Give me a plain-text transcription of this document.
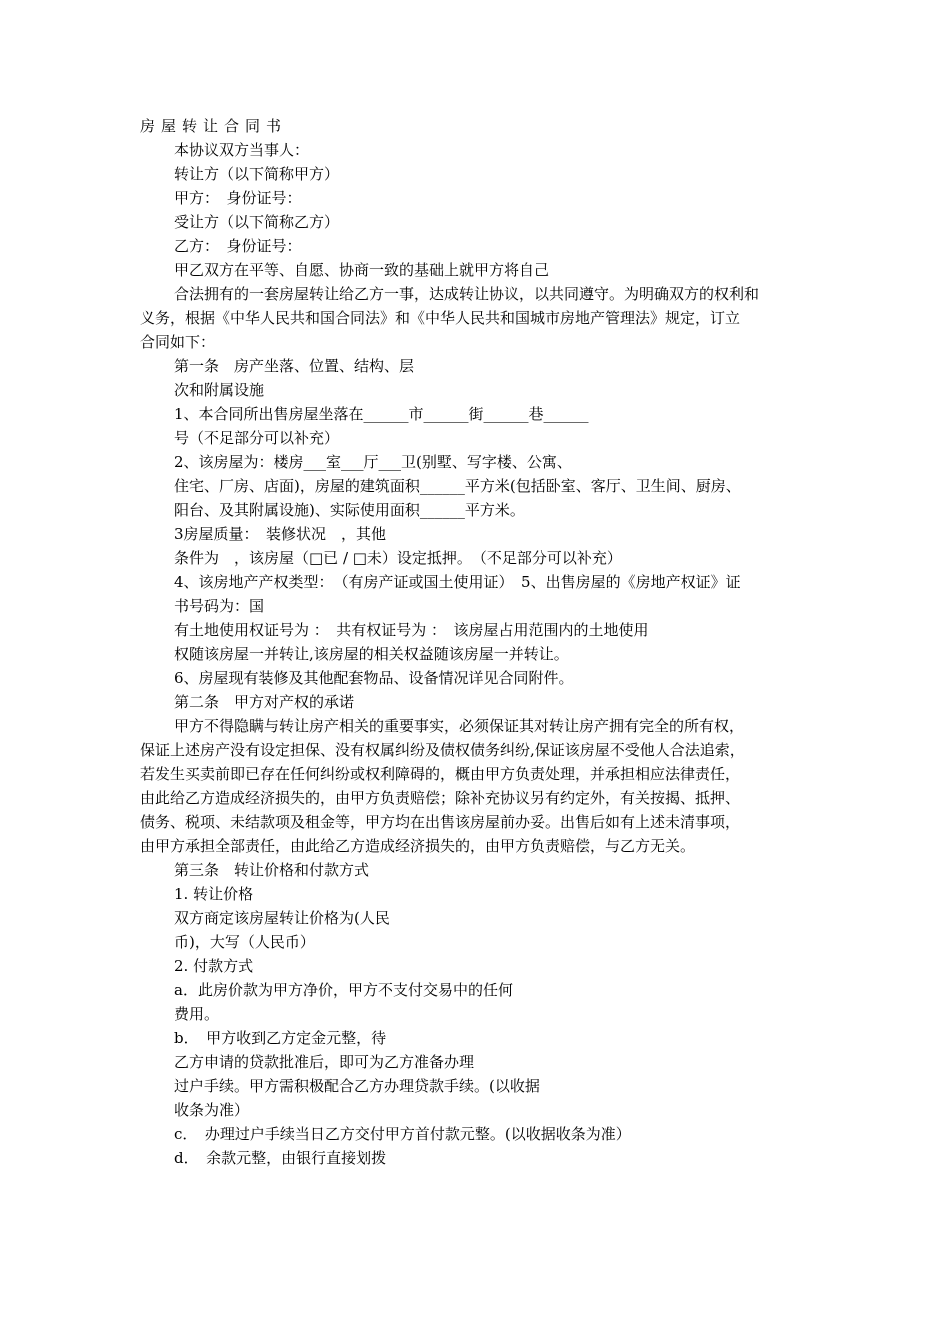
房屋转让合同书
本协议双方当事人：
转让方（以下简称甲方）
甲方：　身份证号：
受让方（以下简称乙方）
乙方：　身份证号：
甲乙双方在平等、自愿、协商一致的基础上就甲方将自己
合法拥有的一套房屋转让给乙方一事，达成转让协议，以共同遵守。为明确双方的权利和
义务，根据《中华人民共和国合同法》和《中华人民共和国城市房地产管理法》规定，订立
合同如下：
第一条　房产坐落、位置、结构、层
次和附属设施
1、本合同所出售房屋坐落在______市______街______巷______
号（不足部分可以补充）
2、该房屋为：楼房___室___厅___卫(别墅、写字楼、公寓、
住宅、厂房、店面)，房屋的建筑面积______平方米(包括卧室、客厅、卫生间、厨房、
阳台、及其附属设施)、实际使用面积______平方米。
3房屋质量：　装修状况　，其他
条件为　，该房屋（□已 / □未）设定抵押。　（不足部分可以补充）
4、该房地产产权类型：　（有房产证或国土使用证）　5、出售房屋的《房地产权证》证
书号码为：国
有土地使用权证号为 ：　共有权证号为 ：　该房屋占用范围内的土地使用
权随该房屋一并转让,该房屋的相关权益随该房屋一并转让。
6、房屋现有装修及其他配套物品、设备情况详见合同附件。
第二条　甲方对产权的承诺
甲方不得隐瞒与转让房产相关的重要事实，必须保证其对转让房产拥有完全的所有权，
保证上述房产没有设定担保、没有权属纠纷及债权债务纠纷,保证该房屋不受他人合法追索，
若发生买卖前即已存在任何纠纷或权利障碍的，概由甲方负责处理，并承担相应法律责任，
由此给乙方造成经济损失的，由甲方负责赔偿；除补充协议另有约定外，有关按揭、抵押、
债务、税项、未结款项及租金等，甲方均在出售该房屋前办妥。出售后如有上述未清事项，
由甲方承担全部责任，由此给乙方造成经济损失的，由甲方负责赔偿，与乙方无关。
第三条　转让价格和付款方式
1. 转让价格
双方商定该房屋转让价格为(人民
币)，大写（人民币）
2. 付款方式
a．此房价款为甲方净价，甲方不支付交易中的任何
费用。
b．　甲方收到乙方定金元整，待
乙方申请的贷款批准后，即可为乙方准备办理
过户手续。甲方需积极配合乙方办理贷款手续。(以收据
收条为准）
c．　办理过户手续当日乙方交付甲方首付款元整。(以收据收条为准）
d．　余款元整，由银行直接划拨
